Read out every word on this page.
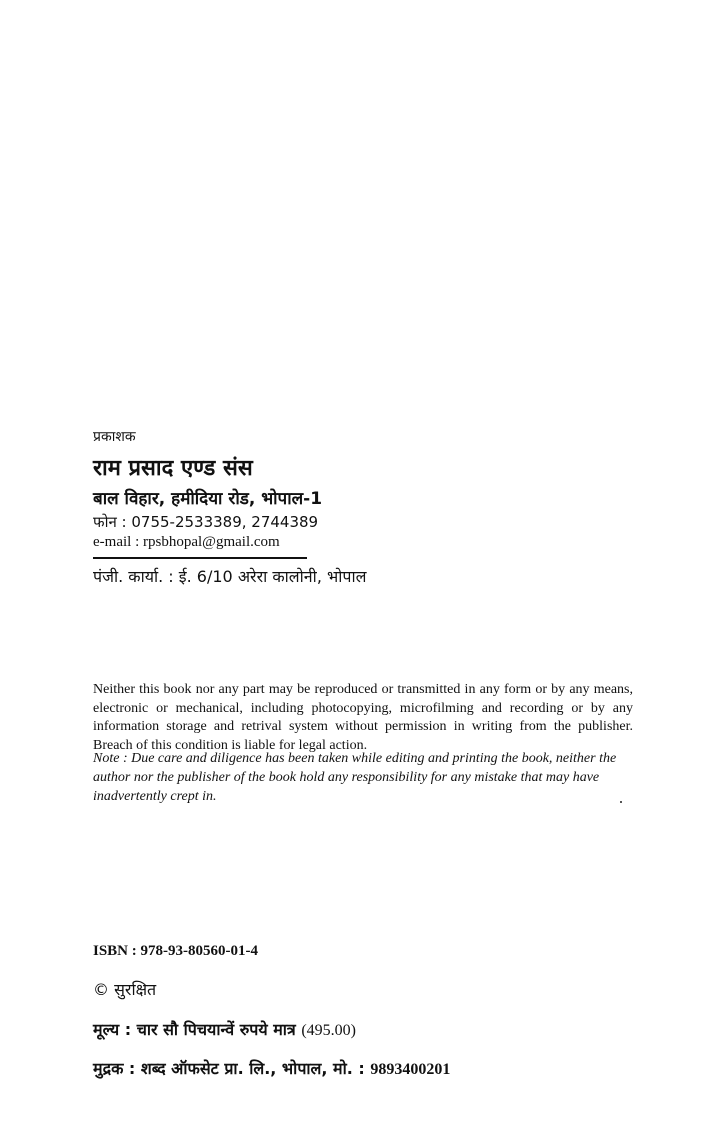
प्रकाशक
राम प्रसाद एण्ड संस
बाल विहार, हमीदिया रोड, भोपाल-1
फोन : 0755-2533389, 2744389
e-mail : rpsbhopal@gmail.com
पंजी. कार्या. : ई. 6/10 अरेरा कालोनी, भोपाल
Neither this book nor any part may be reproduced or transmitted in any form or by any means, electronic or mechanical, including photocopying, microfilming and recording or by any information storage and retrival system without permission in writing from the publisher. Breach of this condition is liable for legal action.
Note : Due care and diligence has been taken while editing and printing the book, neither the author nor the publisher of the book hold any responsibility for any mistake that may have inadvertently crept in.
ISBN : 978-93-80560-01-4
© सुरक्षित
मूल्य : चार सौ पिचयान्वें रुपये मात्र (495.00)
मुद्रक : शब्द ऑफसेट प्रा. लि., भोपाल, मो. : 9893400201
